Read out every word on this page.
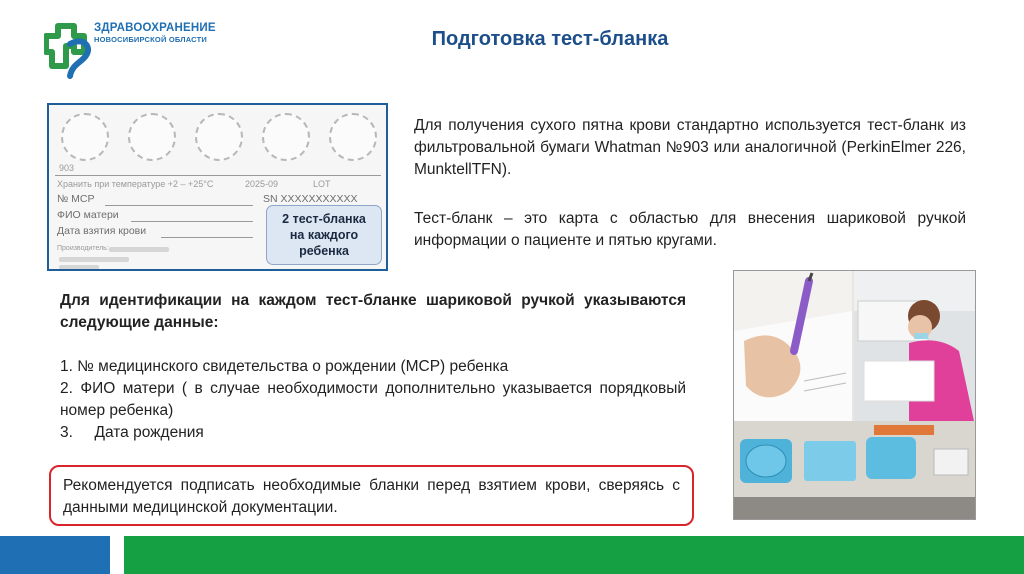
ЗДРАВООХРАНЕНИЕ
НОВОСИБИРСКОЙ ОБЛАСТИ	Подготовка тест-бланка
903
Хранить при температуре +2 – +25°С	2025-09	LOT
№ МСР	SN XXXXXXXXXXX
ФИО матери
Дата взятия крови
Производитель:
2 тест-бланка
на каждого
ребенка
Для получения сухого пятна крови стандартно используется тест-бланк из фильтровальной бумаги Whatman №903 или аналогичной (PerkinElmer 226, MunktellTFN).
Тест-бланк – это карта с областью для внесения шариковой ручкой информации о пациенте и пятью кругами.
Для идентификации на каждом тест-бланке шариковой ручкой указываются следующие данные:
1. № медицинского свидетельства о рождении (МСР) ребенка
2. ФИО матери ( в случае необходимости дополнительно указывается порядковый номер ребенка)
3.     Дата рождения
Рекомендуется подписать необходимые бланки перед взятием крови, сверяясь с данными медицинской документации.
